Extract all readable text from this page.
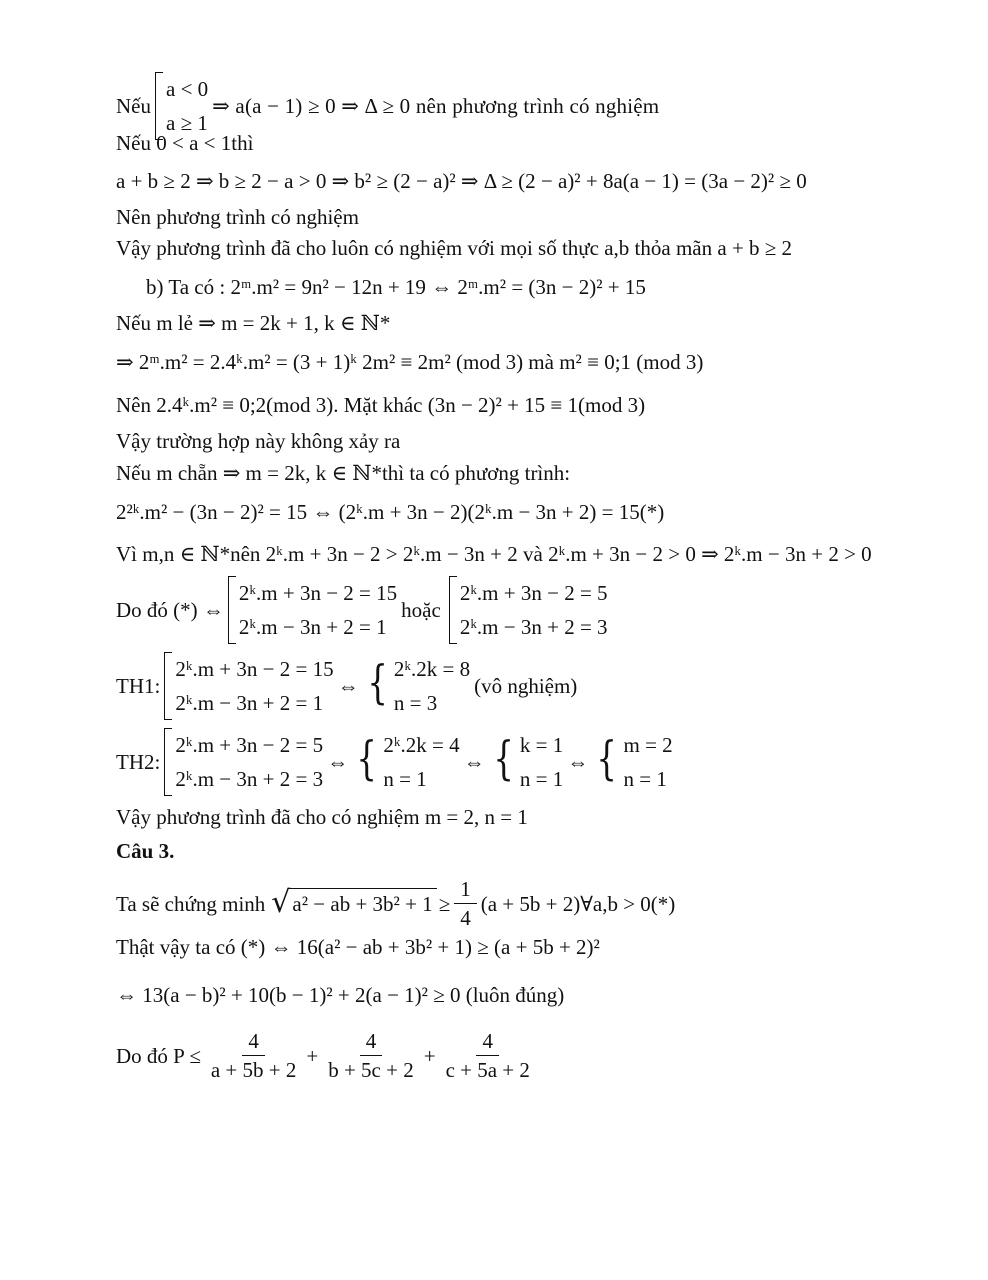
Nếu
a < 0
a ≥ 1
⇒ a(a − 1) ≥ 0 ⇒ Δ ≥ 0 nên phương trình có nghiệm
Nếu 0 < a < 1thì
a + b ≥ 2 ⇒ b ≥ 2 − a > 0 ⇒ b² ≥ (2 − a)² ⇒ Δ ≥ (2 − a)² + 8a(a − 1) = (3a − 2)² ≥ 0
Nên phương trình có nghiệm
Vậy phương trình đã cho luôn có nghiệm với mọi số thực a,b thỏa mãn a + b ≥ 2
b) Ta có : 2ᵐ.m² = 9n² − 12n + 19 ⇔ 2ᵐ.m² = (3n − 2)² + 15
Nếu m lẻ ⇒ m = 2k + 1, k ∈ ℕ*
⇒ 2ᵐ.m² = 2.4ᵏ.m² = (3 + 1)ᵏ 2m² ≡ 2m² (mod 3) mà m² ≡ 0;1 (mod 3)
Nên 2.4ᵏ.m² ≡ 0;2(mod 3). Mặt khác (3n − 2)² + 15 ≡ 1(mod 3)
Vậy trường hợp này không xảy ra
Nếu m chẵn ⇒ m = 2k, k ∈ ℕ*thì ta có phương trình:
2²ᵏ.m² − (3n − 2)² = 15 ⇔ (2ᵏ.m + 3n − 2)(2ᵏ.m − 3n + 2) = 15(*)
Vì m,n ∈ ℕ*nên 2ᵏ.m + 3n − 2 > 2ᵏ.m − 3n + 2 và 2ᵏ.m + 3n − 2 > 0 ⇒ 2ᵏ.m − 3n + 2 > 0
Do đó (*) ⇔
2ᵏ.m + 3n − 2 = 15
2ᵏ.m − 3n + 2 = 1
hoặc
2ᵏ.m + 3n − 2 = 5
2ᵏ.m − 3n + 2 = 3
TH1:
2ᵏ.m + 3n − 2 = 15
2ᵏ.m − 3n + 2 = 1
⇔ { 2ᵏ.2k = 8
n = 3
(vô nghiệm)
TH2:
2ᵏ.m + 3n − 2 = 5
2ᵏ.m − 3n + 2 = 3
⇔ { 2ᵏ.2k = 4
n = 1
⇔ { k = 1
n = 1
⇔ { m = 2
n = 1
Vậy phương trình đã cho có nghiệm m = 2, n = 1
Câu 3.
Ta sẽ chứng minh √ a² − ab + $3b^2 + 1 \ge \frac{1}{4} (a + 5b$ + 2)∀a,b > 0(*)
Thật vậy ta có (*) ⇔ 16(a² − ab + 3b² + 1) ≥ (a + 5b + 2)²
⇔ 13(a − b)² + 10(b − 1)² + 2(a − 1)² ≥ 0 (luôn đúng)
Do đó $P \le \frac{4}{a + 5b + 2} + \frac{4}{b + 5c + 2} + \frac{4}{c + 5a + 2}$
